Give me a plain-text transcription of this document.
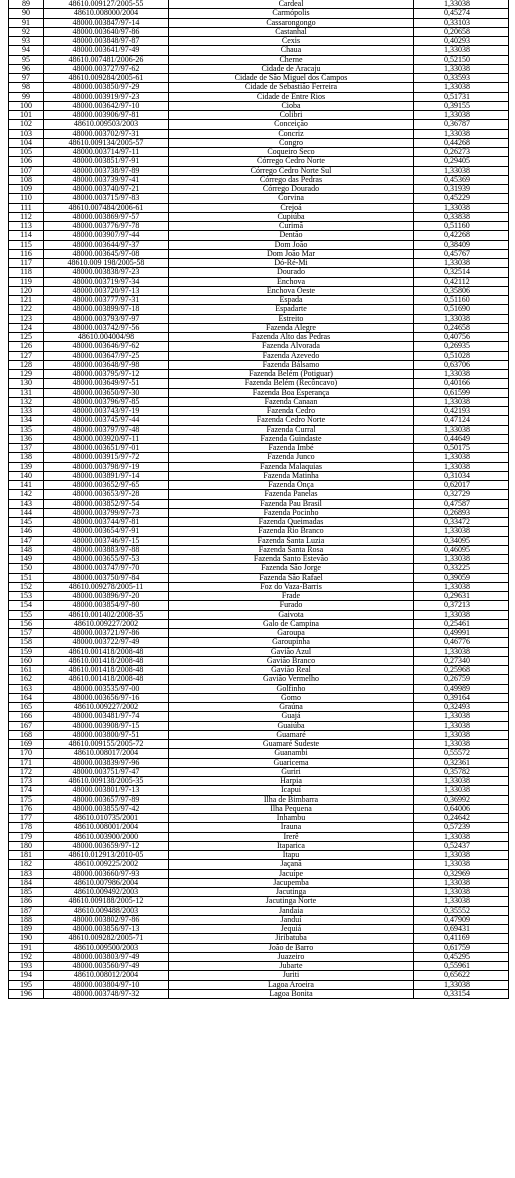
89	48610.009127/2005-55	Cardeal	1,33038
90	48610.008000/2004	Carmópolis	0,45274
91	48000.003847/97-14	Cassarongongo	0,33103
92	48000.003640/97-86	Castanhal	0,20658
93	48000.003848/97-87	Cexis	0,40293
94	48000.003641/97-49	Chaua	1,33038
95	48610.007481/2006-26	Cherne	0,52150
96	48000.003727/97-62	Cidade de Aracaju	1,33038
97	48610.009284/2005-61	Cidade de São Miguel dos Campos	0,33593
98	48000.003850/97-29	Cidade de Sebastião Ferreira	1,33038
99	48000.003919/97-23	Cidade de Entre Rios	0,51731
100	48000.003642/97-10	Cioba	0,39155
101	48000.003906/97-81	Colibri	1,33038
102	48610.009503/2003	Conceição	0,36787
103	48000.003702/97-31	Concriz	1,33038
104	48610.009134/2005-57	Congro	0,44268
105	48000.003714/97-11	Coqueiro Seco	0,26273
106	48000.003851/97-91	Córrego Cedro Norte	0,29405
107	48000.003738/97-89	Córrego Cedro Norte Sul	1,33038
108	48000.003739/97-41	Córrego das Pedras	0,45369
109	48000.003740/97-21	Córrego Dourado	0,31939
110	48000.003715/97-83	Corvina	0,45229
111	48610.007484/2006-61	Crejoá	1,33038
112	48000.003869/97-57	Cupiúba	0,33838
113	48000.003776/97-78	Curimã	0,51160
114	48000.003907/97-44	Dentão	0,42268
115	48000.003644/97-37	Dom João	0,38409
116	48000.003645/97-08	Dom João Mar	0,45767
117	48610.009 198/2005-58	Dó-Ré-Mi	1,33038
118	48000.003838/97-23	Dourado	0,32514
119	48000.003719/97-34	Enchova	0,42112
120	48000.003720/97-13	Enchova Oeste	0,35806
121	48000.003777/97-31	Espada	0,51160
122	48000.003899/97-18	Espadarte	0,51690
123	48000.003793/97-97	Estreito	1,33038
124	48000.003742/97-56	Fazenda Alegre	0,24658
125	48610.004004/98	Fazenda Alto das Pedras	0,40756
126	48000.003646/97-62	Fazenda Alvorada	0,26935
127	48000.003647/97-25	Fazenda Azevedo	0,51028
128	48000.003648/97-98	Fazenda Bálsamo	0,63706
129	48000.003795/97-12	Fazenda Belém (Potiguar)	1,33038
130	48000.003649/97-51	Fazenda Belém (Recôncavo)	0,40166
131	48000.003650/97-30	Fazenda Boa Esperança	0,61599
132	48000.003796/97-85	Fazenda Canaan	1,33038
133	48000.003743/97-19	Fazenda Cedro	0,42193
134	48000.003745/97-44	Fazenda Cedro Norte	0,47124
135	48000.003797/97-48	Fazenda Curral	1,33038
136	48000.003920/97-11	Fazenda Guindaste	0,44649
137	48000.003651/97-01	Fazenda Imbé	0,50175
138	48000.003915/97-72	Fazenda Junco	1,33038
139	48000.003798/97-19	Fazenda Malaquias	1,33038
140	48000.003891/97-14	Fazenda Matinha	0,31034
141	48000.003652/97-65	Fazenda Onça	0,62017
142	48000.003653/97-28	Fazenda Panelas	0,32729
143	48000.003852/97-54	Fazenda Pau Brasil	0,47587
144	48000.003799/97-73	Fazenda Pocinho	0,26893
145	48000.003744/97-81	Fazenda Queimadas	0,33472
146	48000.003654/97-91	Fazenda Rio Branco	1,33038
147	48000.003746/97-15	Fazenda Santa Luzia	0,34095
148	48000.003883/97-88	Fazenda Santa Rosa	0,46095
149	48000.003655/97-53	Fazenda Santo Estevão	1,33038
150	48000.003747/97-70	Fazenda São Jorge	0,33225
151	48000.003750/97-84	Fazenda São Rafael	0,39059
152	48610.009278/2005-11	Foz do Vaza-Barris	1,33038
153	48000.003896/97-20	Frade	0,29631
154	48000.003854/97-80	Furado	0,37213
155	48610.001402/2008-35	Gaivota	1,33038
156	48610.009227/2002	Galo de Campina	0,25461
157	48000.003721/97-86	Garoupa	0,49991
158	48000.003722/97-49	Garoupinha	0,46776
159	48610.001418/2008-48	Gavião Azul	1,33038
160	48610.001418/2008-48	Gavião Branco	0,27340
161	48610.001418/2008-48	Gavião Real	0,25968
162	48610.001418/2008-48	Gavião Vermelho	0,26759
163	48000.003535/97-00	Golfinho	0,49989
164	48000.003656/97-16	Gomo	0,39164
165	48610.009227/2002	Graúna	0,32493
166	48000.003481/97-74	Guajá	1,33038
167	48000.003908/97-15	Guaiúba	1,33038
168	48000.003800/97-51	Guamaré	1,33038
169	48610.009155/2005-72	Guamaré Sudeste	1,33038
170	48610.008017/2004	Guanambi	0,55572
171	48000.003839/97-96	Guaricema	0,32361
172	48000.003751/97-47	Guriri	0,35782
173	48610.009138/2005-35	Harpia	1,33038
174	48000.003801/97-13	Icapuí	1,33038
175	48000.003657/97-89	Ilha de Bimbarra	0,36992
176	48000.003855/97-42	Ilha Pequena	0,64006
177	48610.010735/2001	Inhambu	0,24642
178	48610.008001/2004	Irauna	0,57239
179	48610.003900/2000	Irerê	1,33038
180	48000.003659/97-12	Itaparica	0,52437
181	48610.012913/2010-05	Itapu	1,33038
182	48610.009225/2002	Jaçanã	1,33038
183	48000.003660/97-93	Jacuípe	0,32969
184	48610.007986/2004	Jacupemba	1,33038
185	48610.009492/2003	Jacutinga	1,33038
186	48610.009188/2005-12	Jacutinga Norte	1,33038
187	48610.009488/2003	Jandaia	0,35552
188	48000.003802/97-86	Janduí	0,47909
189	48000.003856/97-13	Jequiá	0,69431
190	48610.009282/2005-71	Jiribatuba	0,41169
191	48610.009500/2003	João de Barro	0,61759
192	48000.003803/97-49	Juazeiro	0,45295
193	48000.003560/97-49	Jubarte	0,55961
194	48610.008012/2004	Juriti	0,65622
195	48000.003804/97-10	Lagoa Aroeira	1,33038
196	48000.003748/97-32	Lagoa Bonita	0,33154
